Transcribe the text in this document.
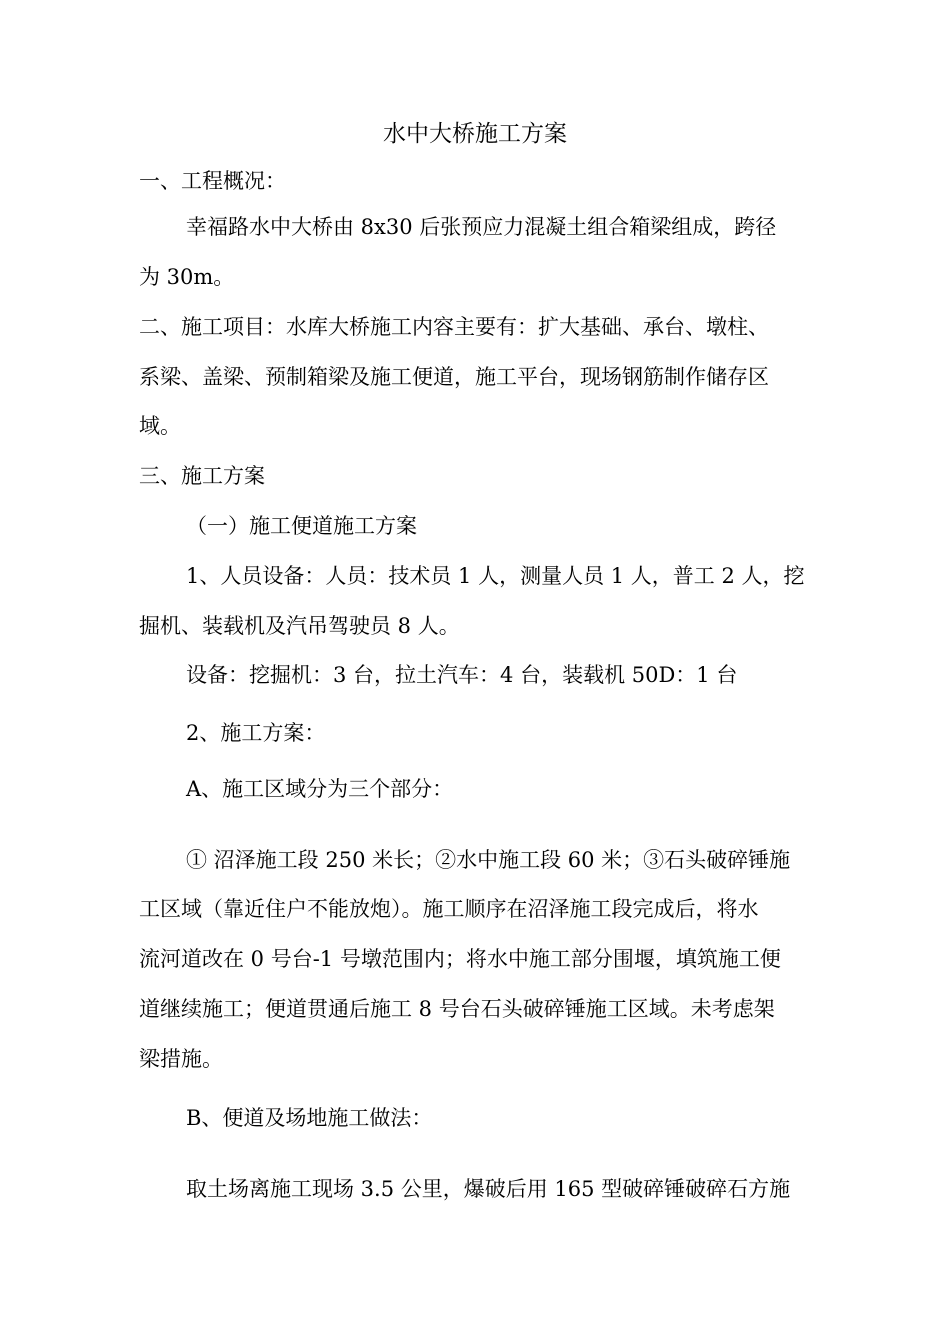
水中大桥施工方案
一、工程概况：
幸福路水中大桥由 8x30 后张预应力混凝土组合箱梁组成，跨径
为 30m。
二、施工项目：水库大桥施工内容主要有：扩大基础、承台、墩柱、
系梁、盖梁、预制箱梁及施工便道，施工平台，现场钢筋制作储存区
域。
三、施工方案
（一）施工便道施工方案
1、人员设备：人员：技术员 1 人，测量人员 1 人，普工 2 人，挖
掘机、装载机及汽吊驾驶员 8 人。
设备：挖掘机：3 台，拉土汽车：4 台，装载机 50D：1 台
2、施工方案：
A、施工区域分为三个部分：
① 沼泽施工段 250 米长；②水中施工段 60 米；③石头破碎锤施
工区域（靠近住户不能放炮）。施工顺序在沼泽施工段完成后，将水
流河道改在 0 号台-1 号墩范围内；将水中施工部分围堰，填筑施工便
道继续施工；便道贯通后施工 8 号台石头破碎锤施工区域。未考虑架
梁措施。
B、便道及场地施工做法：
取土场离施工现场 3.5 公里，爆破后用 165 型破碎锤破碎石方施
